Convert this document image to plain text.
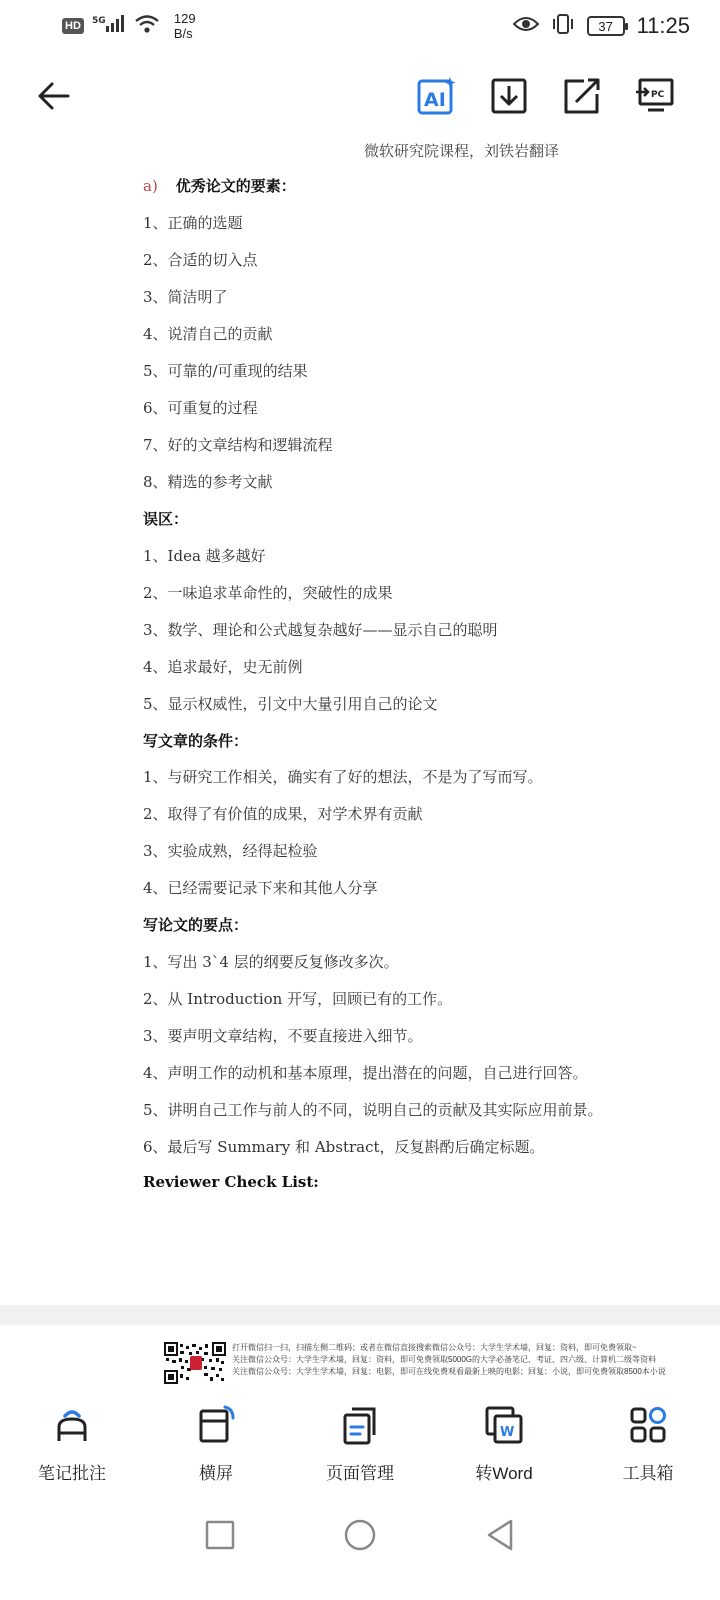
HD	5G	129
B/s	37	11:25
AI	PC
微软研究院课程，刘铁岩翻译
a) 优秀论文的要素：
1、正确的选题
2、合适的切入点
3、简洁明了
4、说清自己的贡献
5、可靠的/可重现的结果
6、可重复的过程
7、好的文章结构和逻辑流程
8、精选的参考文献
误区：
1、Idea 越多越好
2、一味追求革命性的，突破性的成果
3、数学、理论和公式越复杂越好——显示自己的聪明
4、追求最好，史无前例
5、显示权威性，引文中大量引用自己的论文
写文章的条件：
1、与研究工作相关，确实有了好的想法，不是为了写而写。
2、取得了有价值的成果，对学术界有贡献
3、实验成熟，经得起检验
4、已经需要记录下来和其他人分享
写论文的要点：
1、写出 3`4 层的纲要反复修改多次。
2、从 Introduction 开写，回顾已有的工作。
3、要声明文章结构，不要直接进入细节。
4、声明工作的动机和基本原理，提出潜在的问题，自己进行回答。
5、讲明自己工作与前人的不同，说明自己的贡献及其实际应用前景。
6、最后写 Summary 和 Abstract，反复斟酌后确定标题。
Reviewer Check List:
打开微信扫一扫，扫描左侧二维码；或者在微信直接搜索微信公众号：大学生学术墙，回复：资料，即可免费领取~
关注微信公众号：大学生学术墙，回复：资料，即可免费领取5000G的大学必备笔记、考证、四六级、计算机二级等资料
关注微信公众号：大学生学术墙，回复：电影，即可在线免费观看最新上映的电影；回复：小说，即可免费领取8500本小说
笔记批注	横屏	页面管理
W
转Word	工具箱
